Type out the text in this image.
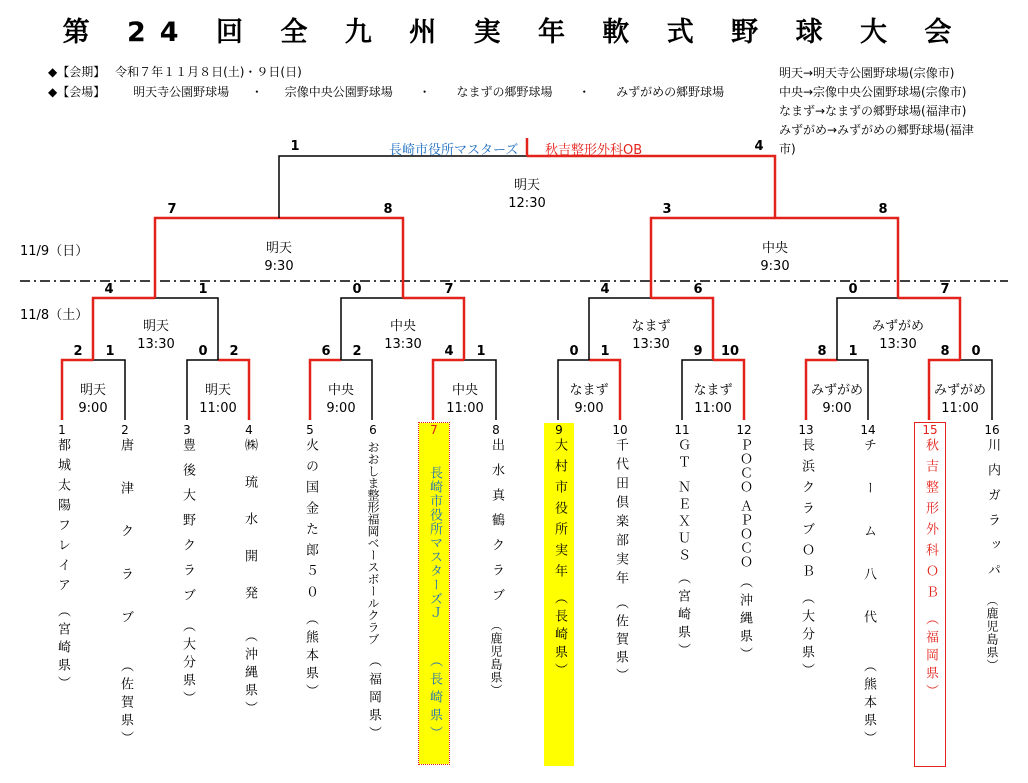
第 24 回 全 九 州 実 年 軟 式 野 球 大 会
◆【会期】 令和７年１１月８日(土)・９日(日)
◆【会場】 明天寺公園野球場 ・ 宗像中央公園野球場 ・ なまずの郷野球場 ・ みずがめの郷野球場
明天→明天寺公園野球場(宗像市)
中央→宗像中央公園野球場(宗像市)
なまず→なまずの郷野球場(福津市)
みずがめ→みずがめの郷野球場(福津市)
11/9（日）
11/8（土）
長崎市役所マスターズ 秋吉整形外科OB
1	4
明天
12:30
7	8
明天
9:30
3	8
中央
9:30
4	1
明天
13:30
0	7
中央
13:30
4	6
なまず
13:30
0	7
みずがめ
13:30
2	1
明天
9:00
0	2
明天
11:00
6	2
中央
9:00
4	1
中央
11:00
0	1
なまず
9:00
9	10
なまず
11:00
8	1
みずがめ
9:00
8	0
みずがめ
11:00
1
都城太陽フレイア
（宮崎県）
2
唐津クラブ
（佐賀県）
3
豊後大野クラブ
（大分県）
4
㈱琉水開発
（沖縄県）
5
火の国金た郎５０
（熊本県）
6
おおしま整形福岡ベースボールクラブ
（福岡県）
7
長崎市役所マスターズＪ
（長崎県）
8
出水真鶴クラブ
（鹿児島県）
9
大村市役所実年
（長崎県）
10
千代田倶楽部実年
（佐賀県）
11
ＧＴ ＮＥＸＵＳ
（宮崎県）
12
ＰＯＣＯ ＡＰＯＣＯ
（沖縄県）
13
長浜クラブＯＢ
（大分県）
14
チーム八代
（熊本県）
15
秋吉整形外科ＯＢ
（福岡県）
16
川内ガラッパ
（鹿児島県）
